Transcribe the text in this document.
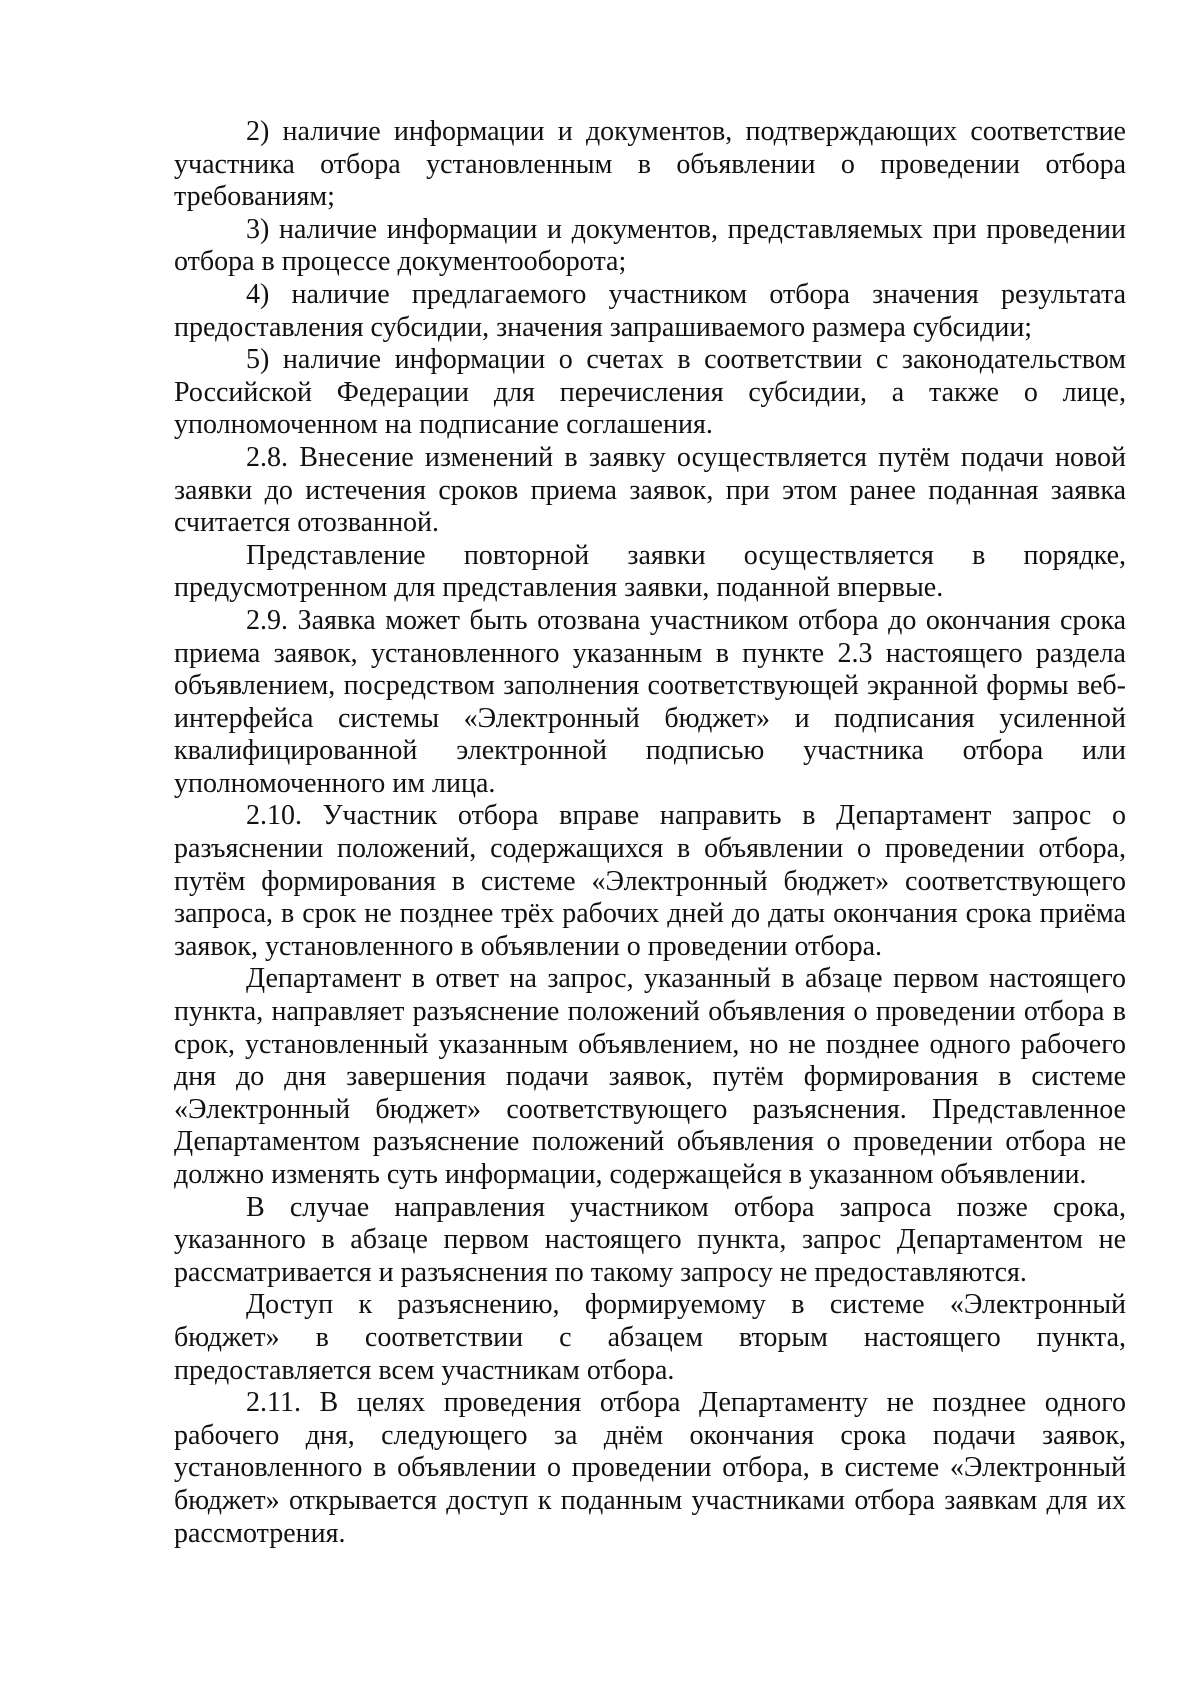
2) наличие информации и документов, подтверждающих соответствие участника отбора установленным в объявлении о проведении отбора требованиям;

3) наличие информации и документов, представляемых при проведении отбора в процессе документооборота;

4) наличие предлагаемого участником отбора значения результата предоставления субсидии, значения запрашиваемого размера субсидии;

5) наличие информации о счетах в соответствии с законодательством Российской Федерации для перечисления субсидии, а также о лице, уполномоченном на подписание соглашения.

2.8. Внесение изменений в заявку осуществляется путём подачи новой заявки до истечения сроков приема заявок, при этом ранее поданная заявка считается отозванной.

Представление повторной заявки осуществляется в порядке, предусмотренном для представления заявки, поданной впервые.

2.9. Заявка может быть отозвана участником отбора до окончания срока приема заявок, установленного указанным в пункте 2.3 настоящего раздела объявлением, посредством заполнения соответствующей экранной формы веб-интерфейса системы «Электронный бюджет» и подписания усиленной квалифицированной электронной подписью участника отбора или уполномоченного им лица.

2.10. Участник отбора вправе направить в Департамент запрос о разъяснении положений, содержащихся в объявлении о проведении отбора, путём формирования в системе «Электронный бюджет» соответствующего запроса, в срок не позднее трёх рабочих дней до даты окончания срока приёма заявок, установленного в объявлении о проведении отбора.

Департамент в ответ на запрос, указанный в абзаце первом настоящего пункта, направляет разъяснение положений объявления о проведении отбора в срок, установленный указанным объявлением, но не позднее одного рабочего дня до дня завершения подачи заявок, путём формирования в системе «Электронный бюджет» соответствующего разъяснения. Представленное Департаментом разъяснение положений объявления о проведении отбора не должно изменять суть информации, содержащейся в указанном объявлении.

В случае направления участником отбора запроса позже срока, указанного в абзаце первом настоящего пункта, запрос Департаментом не рассматривается и разъяснения по такому запросу не предоставляются.

Доступ к разъяснению, формируемому в системе «Электронный бюджет» в соответствии с абзацем вторым настоящего пункта, предоставляется всем участникам отбора.

2.11. В целях проведения отбора Департаменту не позднее одного рабочего дня, следующего за днём окончания срока подачи заявок, установленного в объявлении о проведении отбора, в системе «Электронный бюджет» открывается доступ к поданным участниками отбора заявкам для их рассмотрения.
